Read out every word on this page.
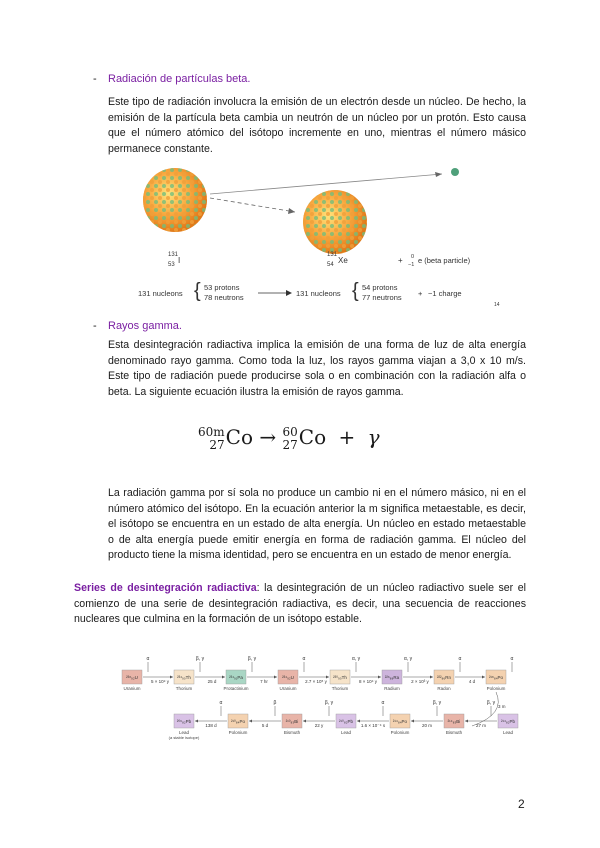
- Radiación de partículas beta.
Este tipo de radiación involucra la emisión de un electrón desde un núcleo. De hecho, la emisión de la partícula beta cambia un neutrón de un núcleo por un protón. Esto causa que el número atómico del isótopo incremente en uno, mientras el número másico permanece constante.
131
53 I
131
54 Xe	+ 0
−1 e (beta particle)
131 nucleons { 53 protons
78 neutrons	131 nucleons { 54 protons
77 neutrons + −1 charge
14
- Rayos gamma.
Esta desintegración radiactiva implica la emisión de una forma de luz de alta energía denominado rayo gamma. Como toda la luz, los rayos gamma viajan a 3,0 x 10 m/s. Este tipo de radiación puede producirse sola o en combinación con la radiación alfa o beta. La siguiente ecuación ilustra la emisión de rayos gamma.
60m
27 Co → 60
27 Co + γ
La radiación gamma por sí sola no produce un cambio ni en el número másico, ni en el número atómico del isótopo. En la ecuación anterior la m significa metaestable, es decir, el isótopo se encuentra en un estado de alta energía. Un núcleo en estado metaestable o de alta energía puede emitir energía en forma de radiación gamma. El núcleo del producto tiene la misma identidad, pero se encuentra en un estado de menor energía.
Series de desintegración radiactiva: la desintegración de un núcleo radiactivo suele ser el comienzo de una serie de desintegración radiactiva, es decir, una secuencia de reacciones nucleares que culmina en la formación de un isótopo estable.
²³⁸₉₂U
Uranium
α
5 × 10⁹ y
²³⁴₉₀Th
Thorium
β, γ
25 d
²³⁴₉₁Pa
Protactinium
β, γ
7 hr
²³⁴₉₂U
Uranium
α
2.7 × 10⁵ y
²³⁰₉₀Th
Thorium
α, γ
8 × 10⁴ y
²²⁶₈₈Ra
Radium
α, γ
2 × 10³ y
²²²₈₆Rn
Radon
α
4 d
²¹⁸₈₄Po
Polonium
α
3 m
²⁰⁶₈₂Pb
Lead
(a stable isotope)
138 d
α
²¹⁰₈₄Po
Polonium
5 d
β
²¹⁰₈₃Bi
Bismuth
22 y
β, γ
²¹⁰₈₂Pb
Lead
1.6 × 10⁻⁴ s
α
²¹⁴₈₄Po
Polonium
20 m
β, γ
²¹⁴₈₃Bi
Bismuth
27 m
β, γ
²¹⁴₈₂Pb
Lead
2
